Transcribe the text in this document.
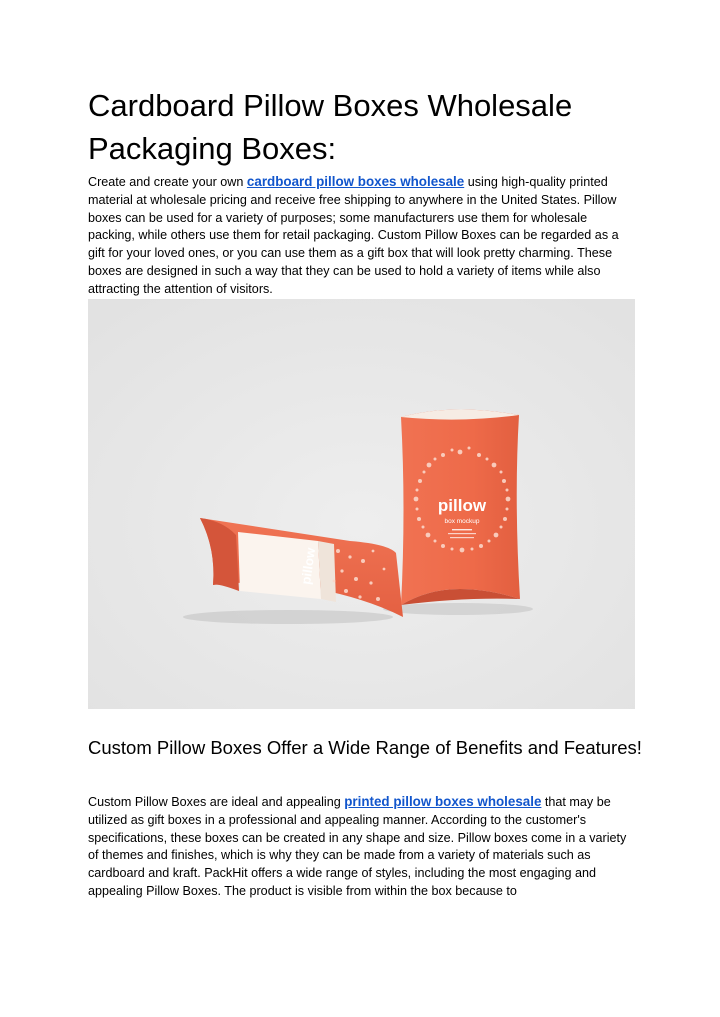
Cardboard Pillow Boxes Wholesale Packaging Boxes:

Create and create your own cardboard pillow boxes wholesale using high-quality printed material at wholesale pricing and receive free shipping to anywhere in the United States. Pillow boxes can be used for a variety of purposes; some manufacturers use them for wholesale packing, while others use them for retail packaging. Custom Pillow Boxes can be regarded as a gift for your loved ones, or you can use them as a gift box that will look pretty charming. These boxes are designed in such a way that they can be used to hold a variety of items while also attracting the attention of visitors.

pillow
pillow
box mockup
Custom Pillow Boxes Offer a Wide Range of Benefits and Features!

Custom Pillow Boxes are ideal and appealing printed pillow boxes wholesale that may be utilized as gift boxes in a professional and appealing manner. According to the customer's specifications, these boxes can be created in any shape and size. Pillow boxes come in a variety of themes and finishes, which is why they can be made from a variety of materials such as cardboard and kraft. PackHit offers a wide range of styles, including the most engaging and appealing Pillow Boxes. The product is visible from within the box because to
